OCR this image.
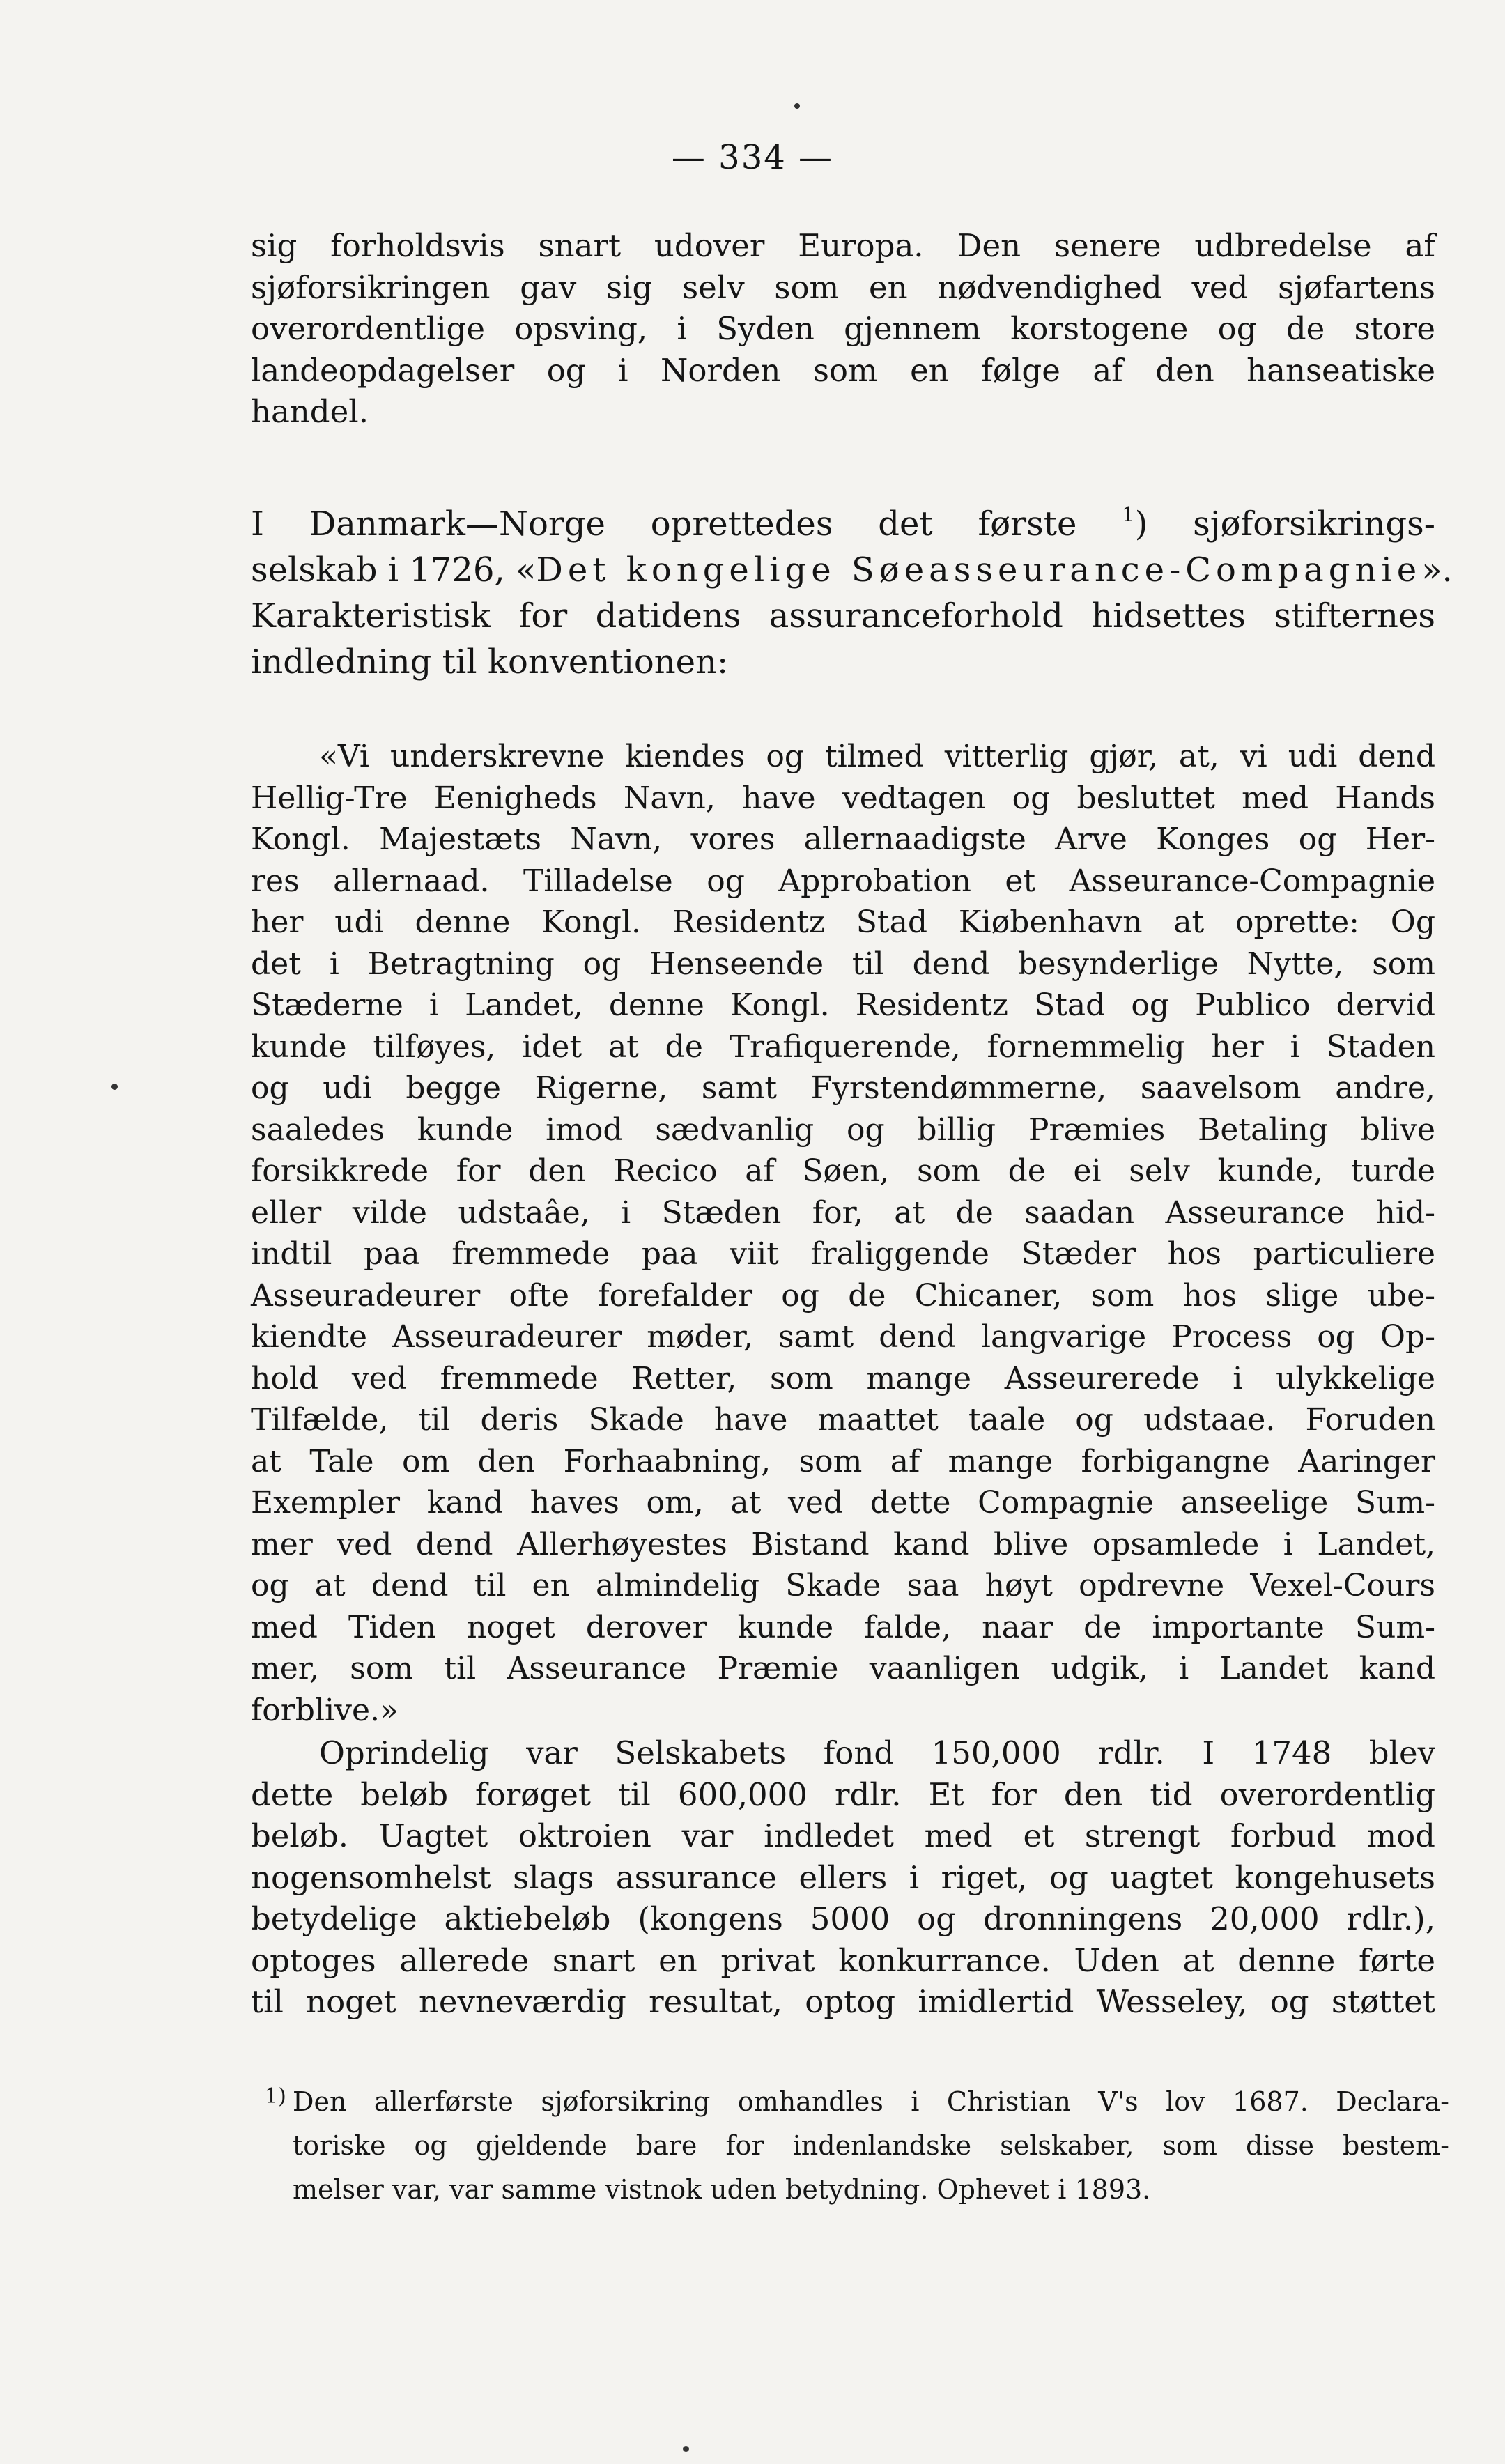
— 334 —
sig forholdsvis snart udover Europa. Den senere udbredelse af
sjøforsikringen gav sig selv som en nødvendighed ved sjøfartens
overordentlige opsving, i Syden gjennem korstogene og de store
landeopdagelser og i Norden som en følge af den hanseatiske
handel.
I Danmark—Norge oprettedes det første $^1$) sjøforsikrings-
selskab i 1726, «Det kongelige Søeasseurance-Compagnie».
Karakteristisk for datidens assuranceforhold hidsettes stifternes
indledning til konventionen:
«Vi underskrevne kiendes og tilmed vitterlig gjør, at, vi udi dend
Hellig-Tre Eenigheds Navn, have vedtagen og besluttet med Hands
Kongl. Majestæts Navn, vores allernaadigste Arve Konges og Her-
res allernaad. Tilladelse og Approbation et Asseurance-Compagnie
her udi denne Kongl. Residentz Stad Kiøbenhavn at oprette: Og
det i Betragtning og Henseende til dend besynderlige Nytte, som
Stæderne i Landet, denne Kongl. Residentz Stad og Publico dervid
kunde tilføyes, idet at de Trafiquerende, fornemmelig her i Staden
og udi begge Rigerne, samt Fyrstendømmerne, saavelsom andre,
saaledes kunde imod sædvanlig og billig Præmies Betaling blive
forsikkrede for den Recico af Søen, som de ei selv kunde, turde
eller vilde udstaâe, i Stæden for, at de saadan Asseurance hid-
indtil paa fremmede paa viit fraliggende Stæder hos particuliere
Asseuradeurer ofte forefalder og de Chicaner, som hos slige ube-
kiendte Asseuradeurer møder, samt dend langvarige Process og Op-
hold ved fremmede Retter, som mange Asseurerede i ulykkelige
Tilfælde, til deris Skade have maattet taale og udstaae. Foruden
at Tale om den Forhaabning, som af mange forbigangne Aaringer
Exempler kand haves om, at ved dette Compagnie anseelige Sum-
mer ved dend Allerhøyestes Bistand kand blive opsamlede i Landet,
og at dend til en almindelig Skade saa høyt opdrevne Vexel-Cours
med Tiden noget derover kunde falde, naar de importante Sum-
mer, som til Asseurance Præmie vaanligen udgik, i Landet kand
forblive.»
Oprindelig var Selskabets fond 150,000 rdlr. I 1748 blev
dette beløb forøget til 600,000 rdlr. Et for den tid overordentlig
beløb. Uagtet oktroien var indledet med et strengt forbud mod
nogensomhelst slags assurance ellers i riget, og uagtet kongehusets
betydelige aktiebeløb (kongens 5000 og dronningens 20,000 rdlr.),
optoges allerede snart en privat konkurrance. Uden at denne førte
til noget nevneværdig resultat, optog imidlertid Wesseley, og støttet
1) Den allerførste sjøforsikring omhandles i Christian V's lov 1687. Declara-
toriske og gjeldende bare for indenlandske selskaber, som disse bestem-
melser var, var samme vistnok uden betydning. Ophevet i 1893.
